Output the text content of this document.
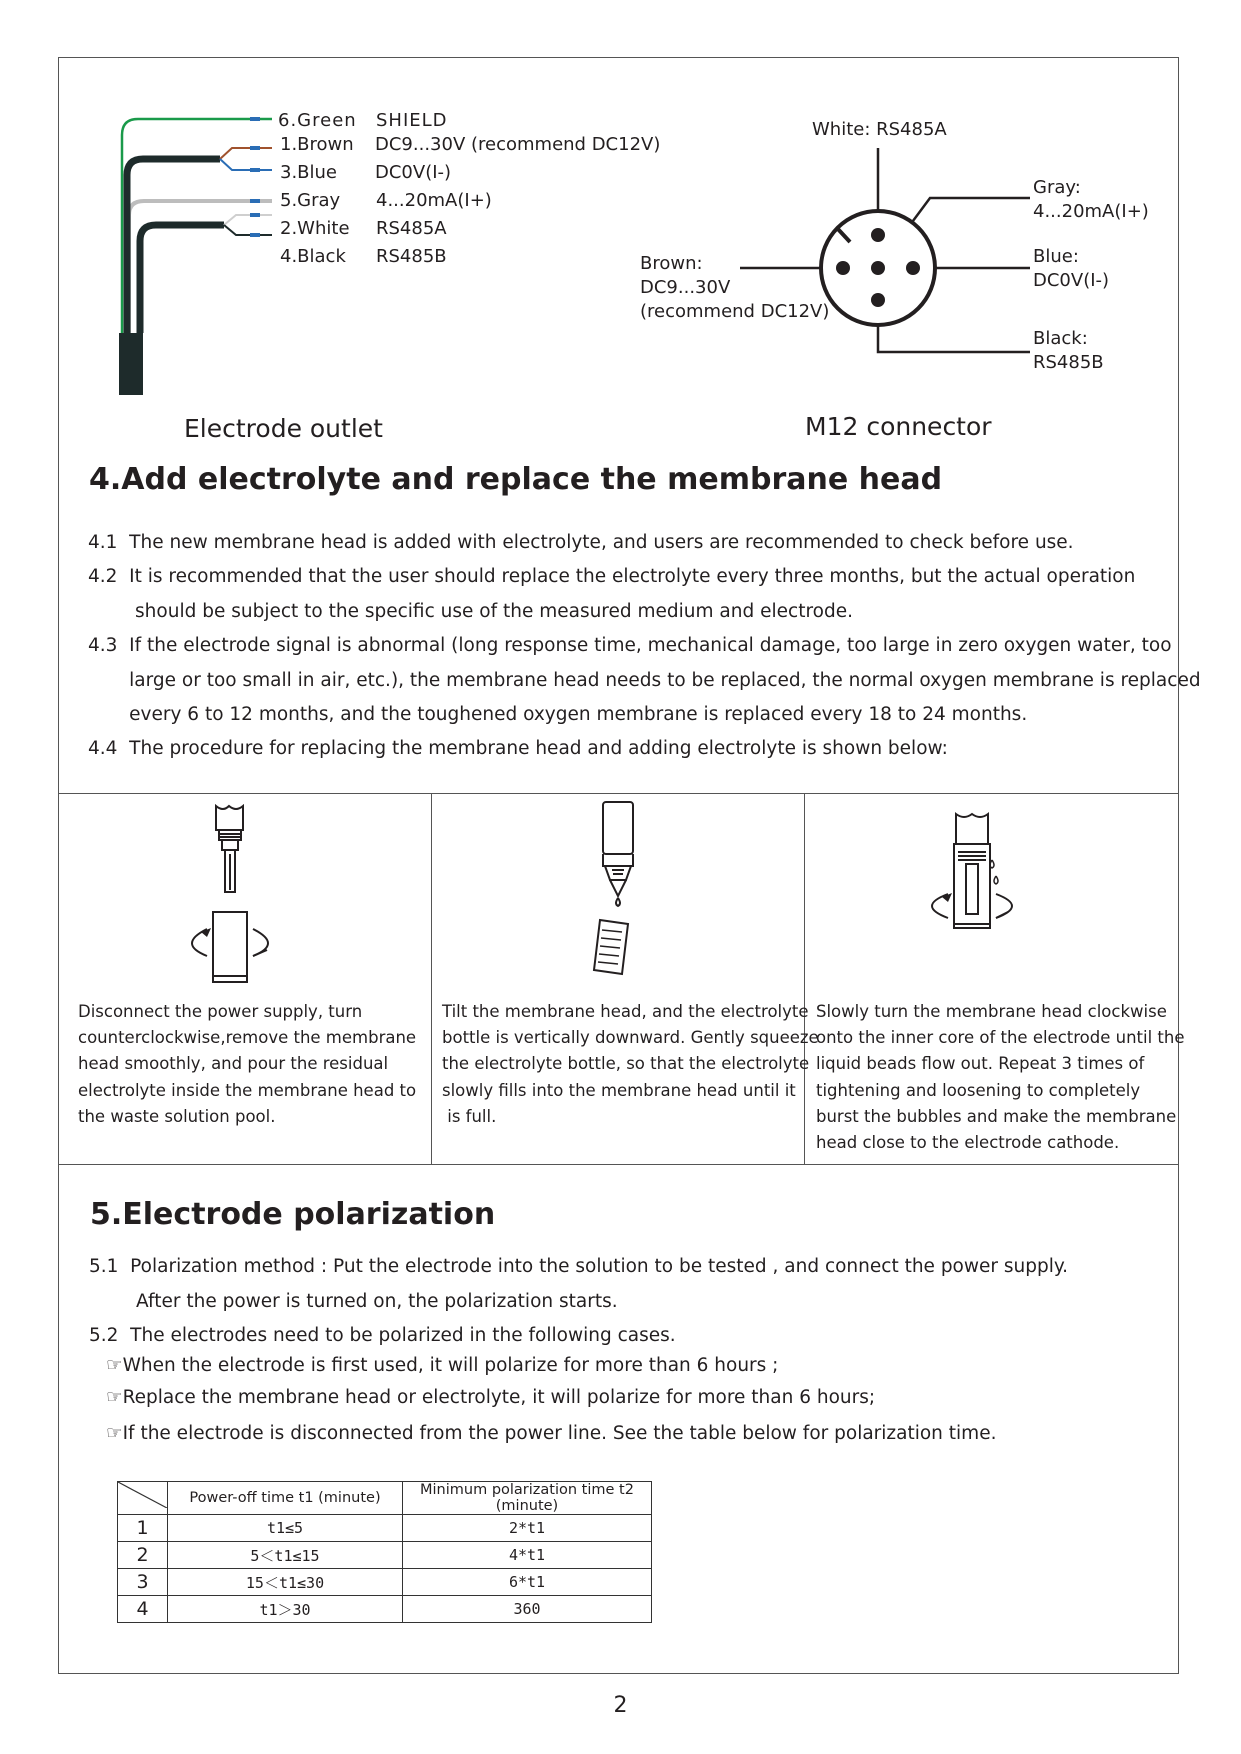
6.Green SHIELD
1.Brown DC9...30V (recommend DC12V)
3.Blue DC0V(I-)
5.Gray 4...20mA(I+)
2.White RS485A
4.Black RS485B
Electrode outlet
White: RS485A
Gray:
4...20mA(I+)
Blue:
DC0V(I-)
Black:
RS485B
Brown:
DC9...30V
(recommend DC12V)
M12 connector
4.Add electrolyte and replace the membrane head
4.1  The new membrane head is added with electrolyte, and users are recommended to check before use.
4.2  It is recommended that the user should replace the electrolyte every three months, but the actual operation
should be subject to the specific use of the measured medium and electrode.
4.3  If the electrode signal is abnormal (long response time, mechanical damage, too large in zero oxygen water, too
large or too small in air, etc.), the membrane head needs to be replaced, the normal oxygen membrane is replaced
every 6 to 12 months, and the toughened oxygen membrane is replaced every 18 to 24 months.
4.4  The procedure for replacing the membrane head and adding electrolyte is shown below:
Disconnect the power supply, turn
counterclockwise,remove the membrane
head smoothly, and pour the residual
electrolyte inside the membrane head to
the waste solution pool.
Tilt the membrane head, and the electrolyte
bottle is vertically downward. Gently squeeze
the electrolyte bottle, so that the electrolyte
slowly fills into the membrane head until it
is full.
Slowly turn the membrane head clockwise
onto the inner core of the electrode until the
liquid beads flow out. Repeat 3 times of
tightening and loosening to completely
burst the bubbles and make the membrane
head close to the electrode cathode.
5.Electrode polarization
5.1  Polarization method : Put the electrode into the solution to be tested , and connect the power supply.
After the power is turned on, the polarization starts.
5.2  The electrodes need to be polarized in the following cases.
☞When the electrode is first used, it will polarize for more than 6 hours ;
☞Replace the membrane head or electrolyte, it will polarize for more than 6 hours;
☞If the electrode is disconnected from the power line. See the table below for polarization time.
	Power-off time t1 (minute)	Minimum polarization time t2 (minute)
1	t1≤5	2*t1
2	5＜t1≤15	4*t1
3	15＜t1≤30	6*t1
4	t1＞30	360
2
